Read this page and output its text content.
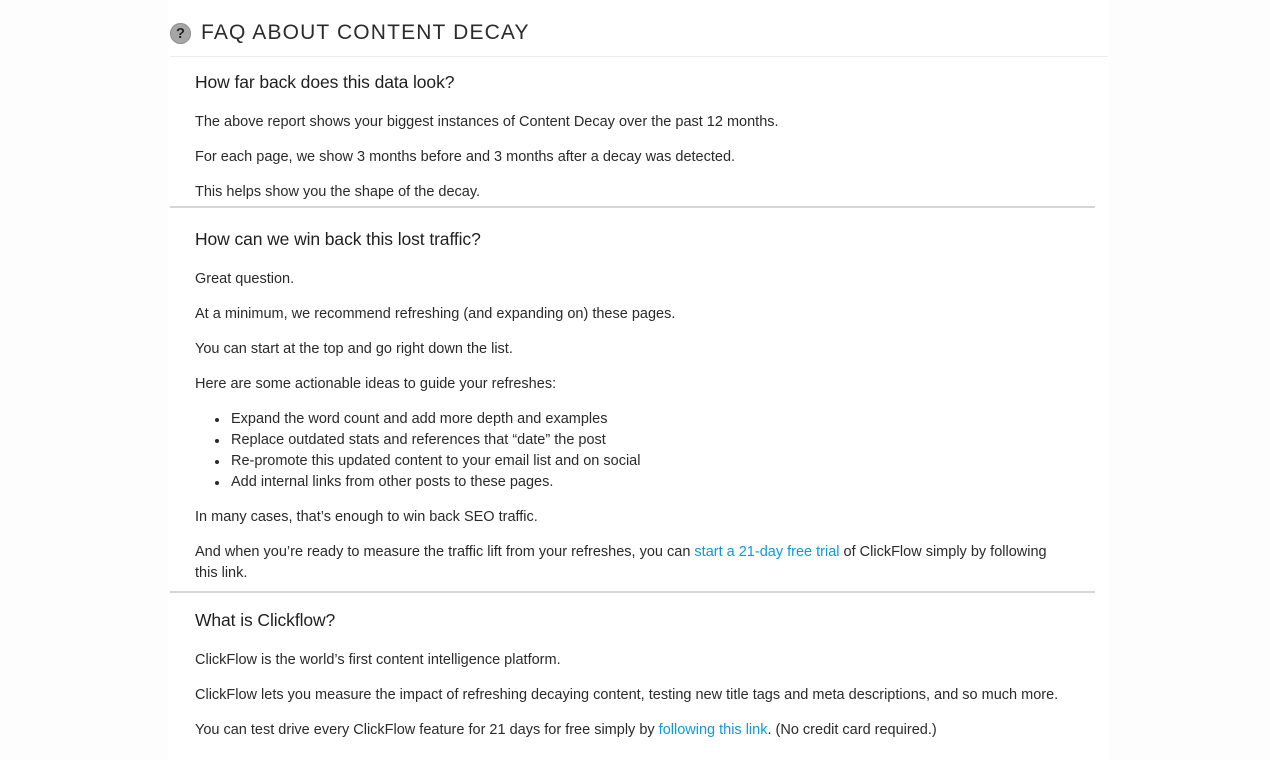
? FAQ ABOUT CONTENT DECAY
How far back does this data look?

The above report shows your biggest instances of Content Decay over the past 12 months.

For each page, we show 3 months before and 3 months after a decay was detected.

This helps show you the shape of the decay.

How can we win back this lost traffic?

Great question.

At a minimum, we recommend refreshing (and expanding on) these pages.

You can start at the top and go right down the list.

Here are some actionable ideas to guide your refreshes:

Expand the word count and add more depth and examples
Replace outdated stats and references that “date” the post
Re-promote this updated content to your email list and on social
Add internal links from other posts to these pages.

In many cases, that’s enough to win back SEO traffic.

And when you’re ready to measure the traffic lift from your refreshes, you can start a 21-day free trial of ClickFlow simply by following this link.

What is Clickflow?

ClickFlow is the world’s first content intelligence platform.

ClickFlow lets you measure the impact of refreshing decaying content, testing new title tags and meta descriptions, and so much more.

You can test drive every ClickFlow feature for 21 days for free simply by following this link. (No credit card required.)
